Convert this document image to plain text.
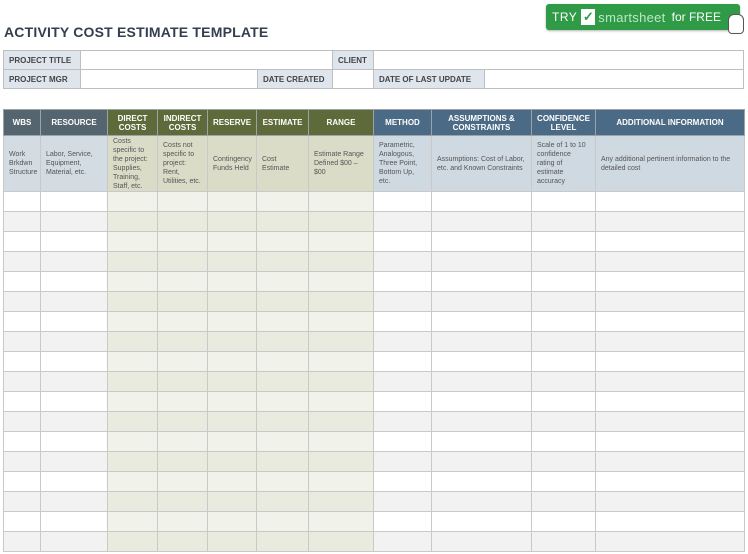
ACTIVITY COST ESTIMATE TEMPLATE
TRY ✓ smartsheet for FREE
PROJECT TITLE			CLIENT		
PROJECT MGR		DATE CREATED		DATE OF LAST UPDATE	
WBS	RESOURCE	DIRECT COSTS	INDIRECT COSTS	RESERVE	ESTIMATE	RANGE	METHOD	ASSUMPTIONS & CONSTRAINTS	CONFIDENCE LEVEL	ADDITIONAL INFORMATION
Work Brkdwn Structure	Labor, Service, Equipment, Material, etc.	Costs specific to the project: Supplies, Training, Staff, etc.	Costs not specific to project: Rent, Utilities, etc.	Contingency Funds Held	Cost Estimate	Estimate Range Defined $00 – $00	Parametric, Analogous, Three Point, Bottom Up, etc.	Assumptions: Cost of Labor, etc. and Known Constraints	Scale of 1 to 10 confidence rating of estimate accuracy	Any additional pertinent information to the detailed cost
